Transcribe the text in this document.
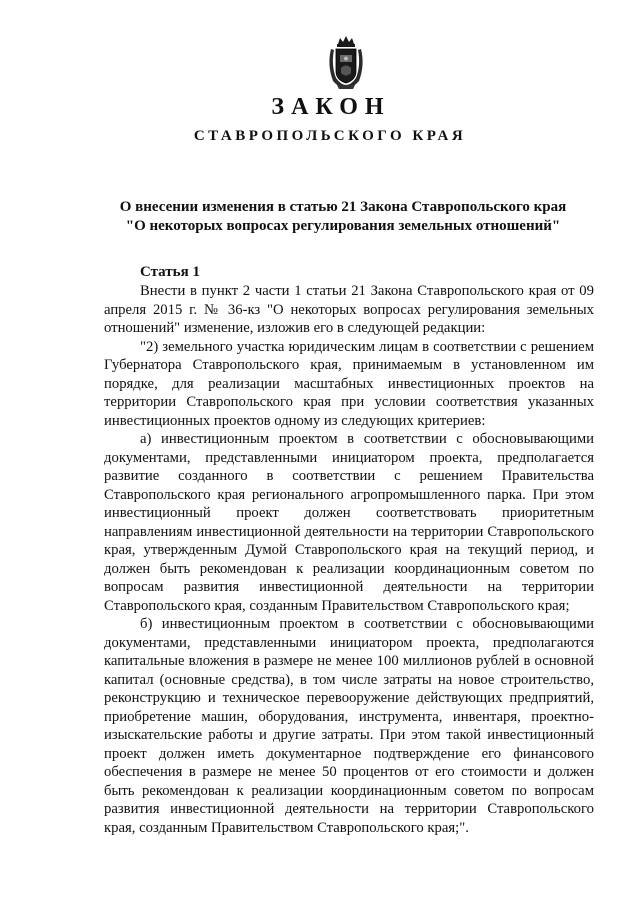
ЗАКОН
СТАВРОПОЛЬСКОГО КРАЯ
О внесении изменения в статью 21 Закона Ставропольского края
"О некоторых вопросах регулирования земельных отношений"
Статья 1

Внести в пункт 2 части 1 статьи 21 Закона Ставропольского края от 09 апреля 2015 г. № 36-кз "О некоторых вопросах регулирования земельных отношений" изменение, изложив его в следующей редакции:

"2) земельного участка юридическим лицам в соответствии с решением Губернатора Ставропольского края, принимаемым в установленном им порядке, для реализации масштабных инвестиционных проектов на территории Ставропольского края при условии соответствия указанных инвестиционных проектов одному из следующих критериев:

а) инвестиционным проектом в соответствии с обосновывающими документами, представленными инициатором проекта, предполагается развитие созданного в соответствии с решением Правительства Ставропольского края регионального агропромышленного парка. При этом инвестиционный проект должен соответствовать приоритетным направлениям инвестиционной деятельности на территории Ставропольского края, утвержденным Думой Ставропольского края на текущий период, и должен быть рекомендован к реализации координационным советом по вопросам развития инвестиционной деятельности на территории Ставропольского края, созданным Правительством Ставропольского края;

б) инвестиционным проектом в соответствии с обосновывающими документами, представленными инициатором проекта, предполагаются капитальные вложения в размере не менее 100 миллионов рублей в основной капитал (основные средства), в том числе затраты на новое строительство, реконструкцию и техническое перевооружение действующих предприятий, приобретение машин, оборудования, инструмента, инвентаря, проектно-изыскательские работы и другие затраты. При этом такой инвестиционный проект должен иметь документарное подтверждение его финансового обеспечения в размере не менее 50 процентов от его стоимости и должен быть рекомендован к реализации координационным советом по вопросам развития инвестиционной деятельности на территории Ставропольского края, созданным Правительством Ставропольского края;".
